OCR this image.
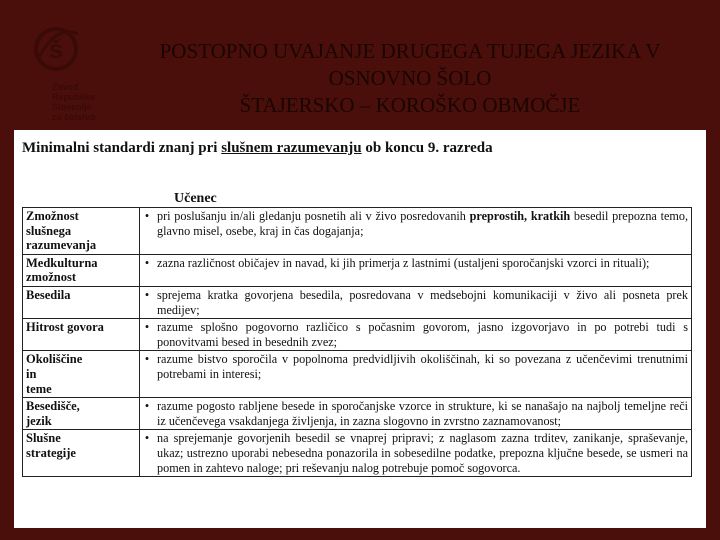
š
Zavod
Republike
Slovenije
za šolstvo
POSTOPNO UVAJANJE DRUGEGA TUJEGA JEZIKA V
OSNOVNO ŠOLO
ŠTAJERSKO – KOROŠKO OBMOČJE
Minimalni standardi znanj pri slušnem razumevanju ob koncu 9. razreda
Učenec
Zmožnost
slušnega
razumevanja	•	pri poslušanju in/ali gledanju posnetih ali v živo posredovanih preprostih, kratkih besedil prepozna temo, glavno misel, osebe, kraj in čas dogajanja;

Medkulturna
zmožnost	•	zazna različnost običajev in navad, ki jih primerja z lastnimi (ustaljeni sporočanjski vzorci in rituali);

Besedila	•	sprejema kratka govorjena besedila, posredovana v medsebojni komunikaciji v živo ali posneta prek medijev;

Hitrost govora	•	razume splošno pogovorno različico s počasnim govorom, jasno izgovorjavo in po potrebi tudi s ponovitvami besed in besednih zvez;

Okoliščine
in
teme	•	razume bistvo sporočila v popolnoma predvidljivih okoliščinah, ki so povezana z učenčevimi trenutnimi potrebami in interesi;

Besedišče,
jezik	•	razume pogosto rabljene besede in sporočanjske vzorce in strukture, ki se nanašajo na najbolj temeljne reči iz učenčevega vsakdanjega življenja, in zazna slogovno in zvrstno zaznamovanost;

Slušne
strategije	•	na sprejemanje govorjenih besedil se vnaprej pripravi; z naglasom zazna trditev, zanikanje, spraševanje, ukaz; ustrezno uporabi nebesedna ponazorila in sobesedilne podatke, prepozna ključne besede, se usmeri na pomen in zahtevo naloge; pri reševanju nalog potrebuje pomoč sogovorca.
